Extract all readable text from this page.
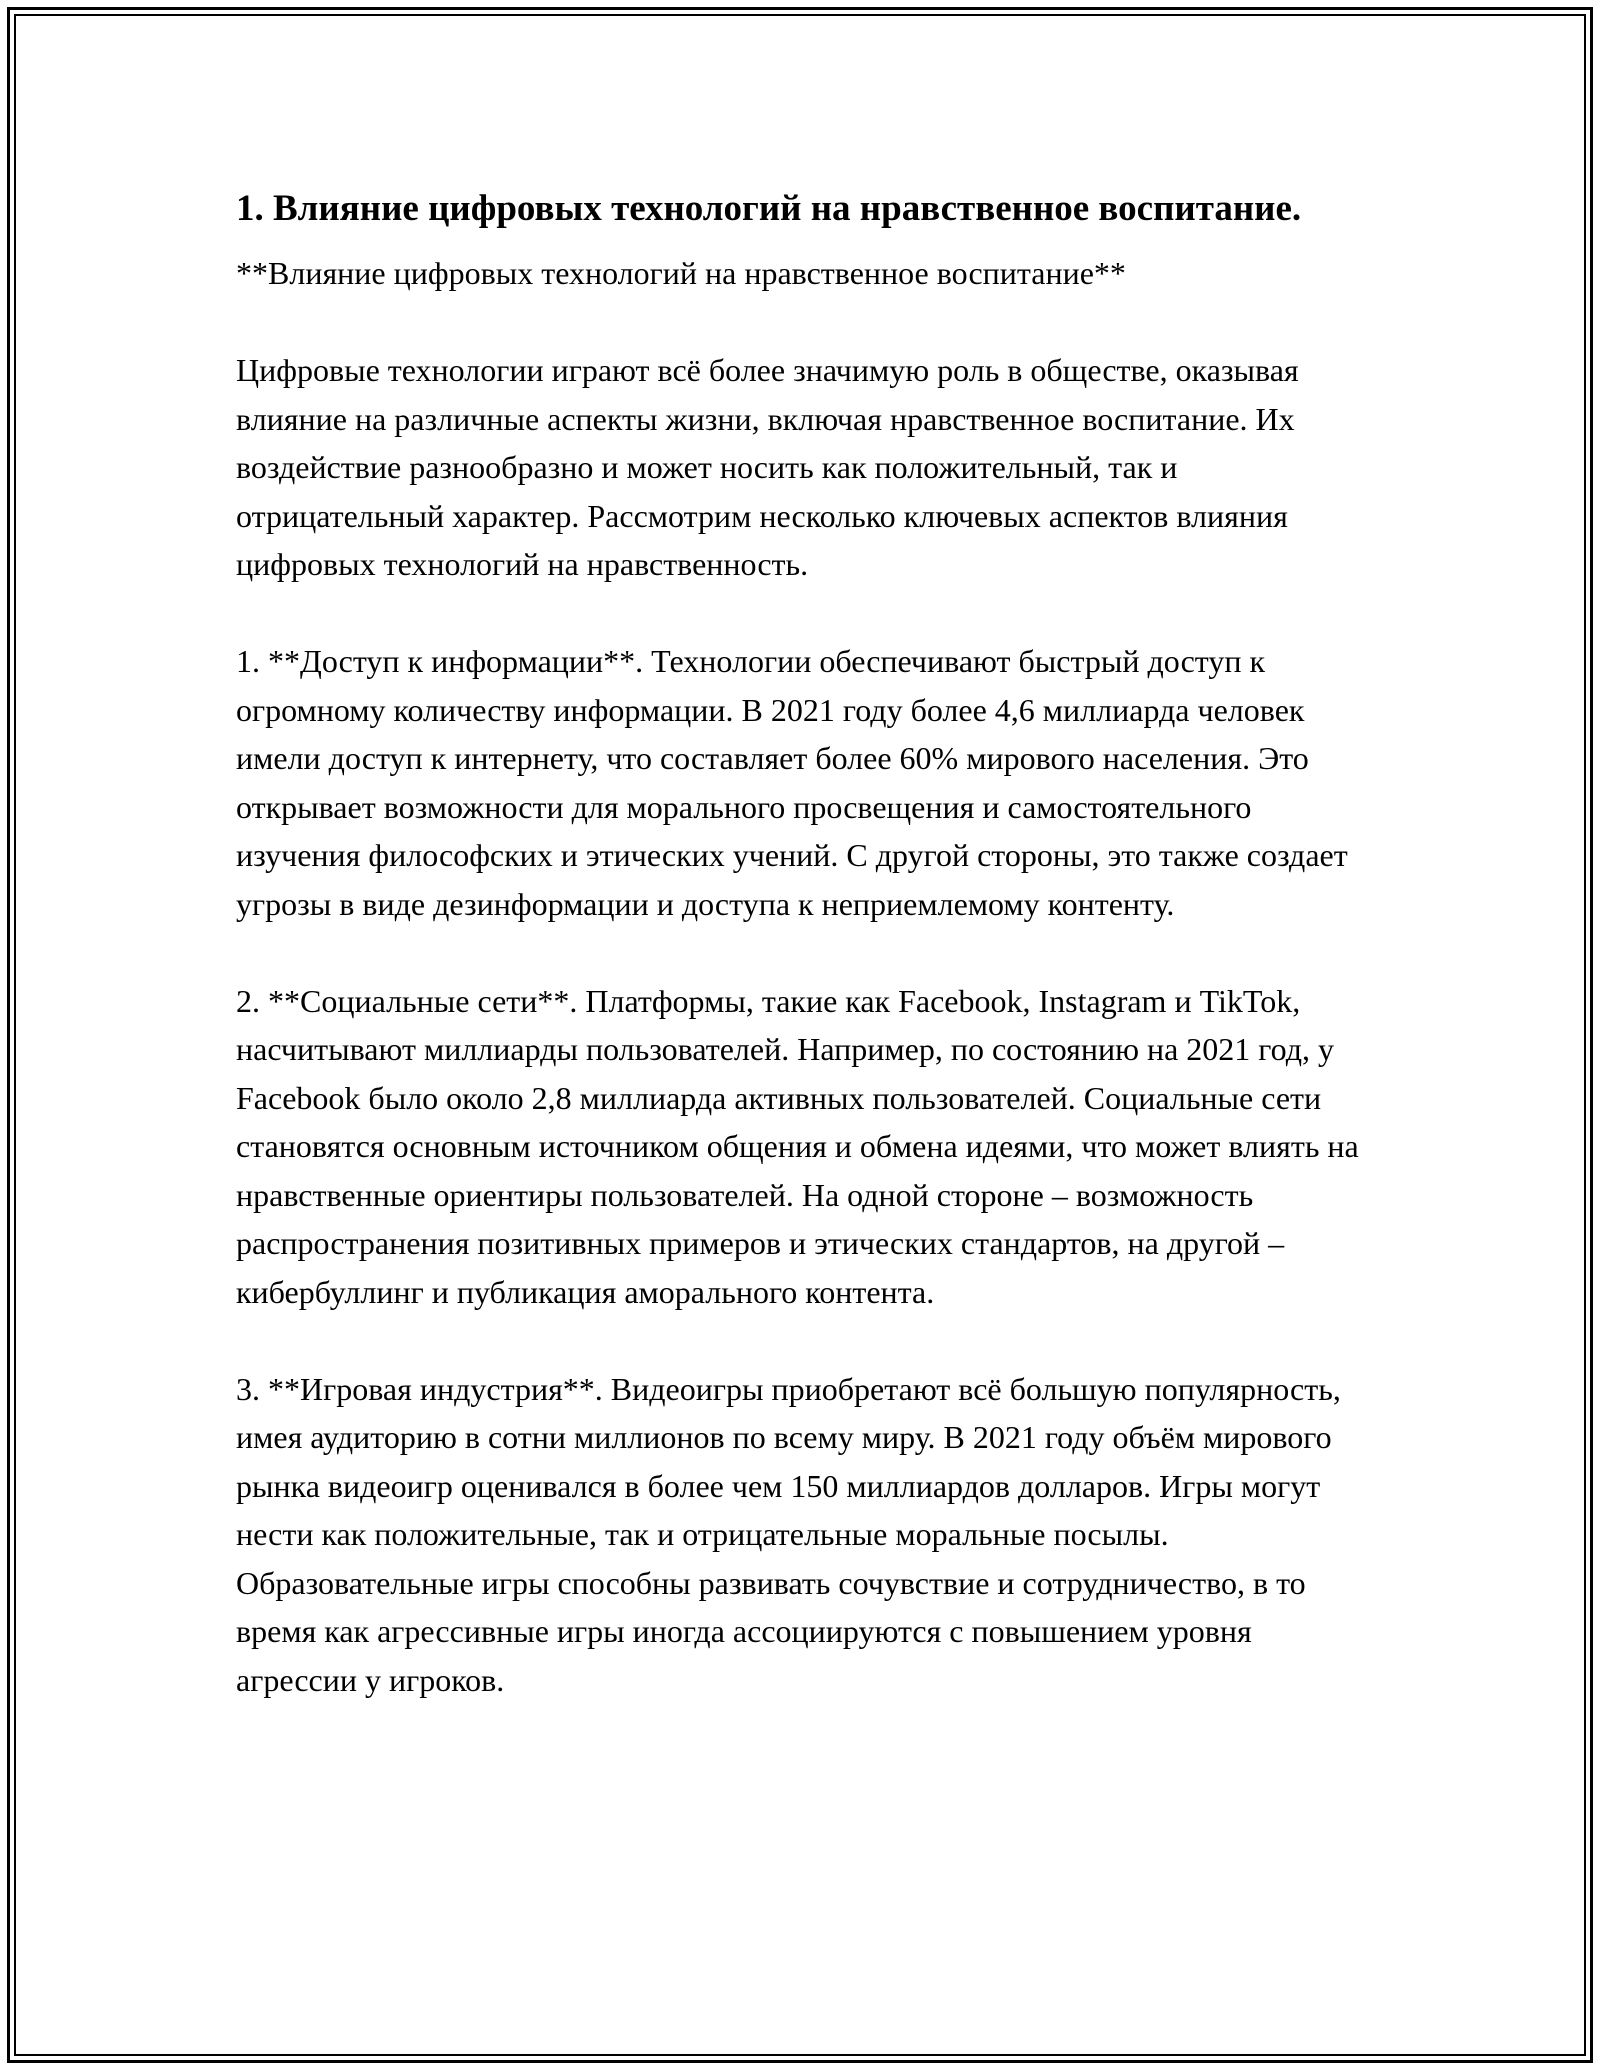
1. Влияние цифровых технологий на нравственное воспитание.

**Влияние цифровых технологий на нравственное воспитание**

Цифровые технологии играют всё более значимую роль в обществе, оказывая влияние на различные аспекты жизни, включая нравственное воспитание. Их воздействие разнообразно и может носить как положительный, так и отрицательный характер. Рассмотрим несколько ключевых аспектов влияния цифровых технологий на нравственность.

1. **Доступ к информации**. Технологии обеспечивают быстрый доступ к огромному количеству информации. В 2021 году более 4,6 миллиарда человек имели доступ к интернету, что составляет более 60% мирового населения. Это открывает возможности для морального просвещения и самостоятельного изучения философских и этических учений. С другой стороны, это также создает угрозы в виде дезинформации и доступа к неприемлемому контенту.

2. **Социальные сети**. Платформы, такие как Facebook, Instagram и TikTok, насчитывают миллиарды пользователей. Например, по состоянию на 2021 год, у Facebook было около 2,8 миллиарда активных пользователей. Социальные сети становятся основным источником общения и обмена идеями, что может влиять на нравственные ориентиры пользователей. На одной стороне – возможность распространения позитивных примеров и этических стандартов, на другой – кибербуллинг и публикация аморального контента.

3. **Игровая индустрия**. Видеоигры приобретают всё большую популярность, имея аудиторию в сотни миллионов по всему миру. В 2021 году объём мирового рынка видеоигр оценивался в более чем 150 миллиардов долларов. Игры могут нести как положительные, так и отрицательные моральные посылы. Образовательные игры способны развивать сочувствие и сотрудничество, в то время как агрессивные игры иногда ассоциируются с повышением уровня агрессии у игроков.
